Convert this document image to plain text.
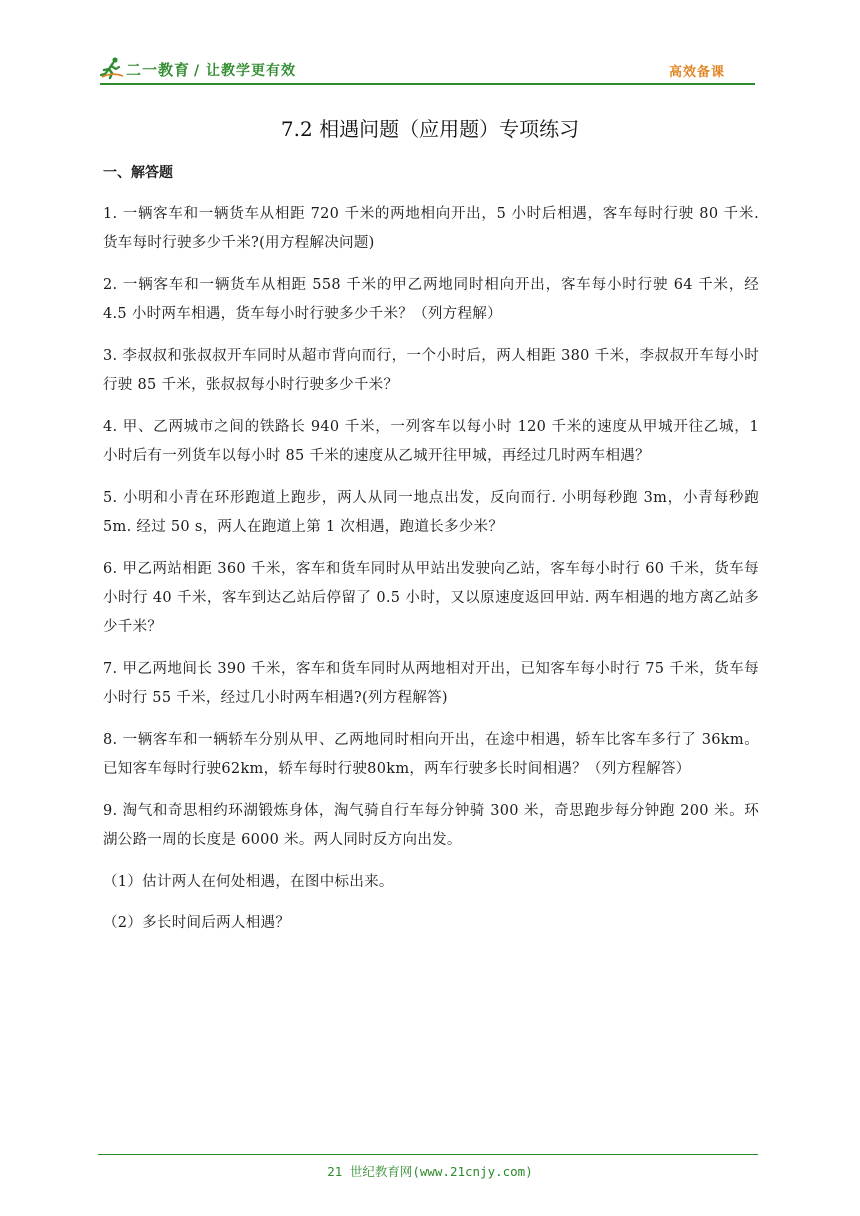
二一教育 / 让教学更有效	高效备课
7.2 相遇问题（应用题）专项练习
一、解答题

1. 一辆客车和一辆货车从相距 720 千米的两地相向开出，5 小时后相遇，客车每时行驶 80 千米. 货车每时行驶多少千米?(用方程解决问题)

2. 一辆客车和一辆货车从相距 558 千米的甲乙两地同时相向开出，客车每小时行驶 64 千米，经 4.5 小时两车相遇，货车每小时行驶多少千米？（列方程解）

3. 李叔叔和张叔叔开车同时从超市背向而行，一个小时后，两人相距 380 千米，李叔叔开车每小时行驶 85 千米，张叔叔每小时行驶多少千米？

4. 甲、乙两城市之间的铁路长 940 千米，一列客车以每小时 120 千米的速度从甲城开往乙城，1 小时后有一列货车以每小时 85 千米的速度从乙城开往甲城，再经过几时两车相遇？

5. 小明和小青在环形跑道上跑步，两人从同一地点出发，反向而行. 小明每秒跑 3m，小青每秒跑 5m. 经过 50 s，两人在跑道上第 1 次相遇，跑道长多少米？

6. 甲乙两站相距 360 千米，客车和货车同时从甲站出发驶向乙站，客车每小时行 60 千米，货车每小时行 40 千米，客车到达乙站后停留了 0.5 小时，又以原速度返回甲站. 两车相遇的地方离乙站多少千米？

7. 甲乙两地间长 390 千米，客车和货车同时从两地相对开出，已知客车每小时行 75 千米，货车每小时行 55 千米，经过几小时两车相遇?(列方程解答)

8. 一辆客车和一辆轿车分别从甲、乙两地同时相向开出，在途中相遇，轿车比客车多行了 36km。已知客车每时行驶62km，轿车每时行驶80km，两车行驶多长时间相遇？（列方程解答）

9. 淘气和奇思相约环湖锻炼身体，淘气骑自行车每分钟骑 300 米，奇思跑步每分钟跑 200 米。环湖公路一周的长度是 6000 米。两人同时反方向出发。

（1）估计两人在何处相遇，在图中标出来。

（2）多长时间后两人相遇？

21 世纪教育网(www.21cnjy.com)
